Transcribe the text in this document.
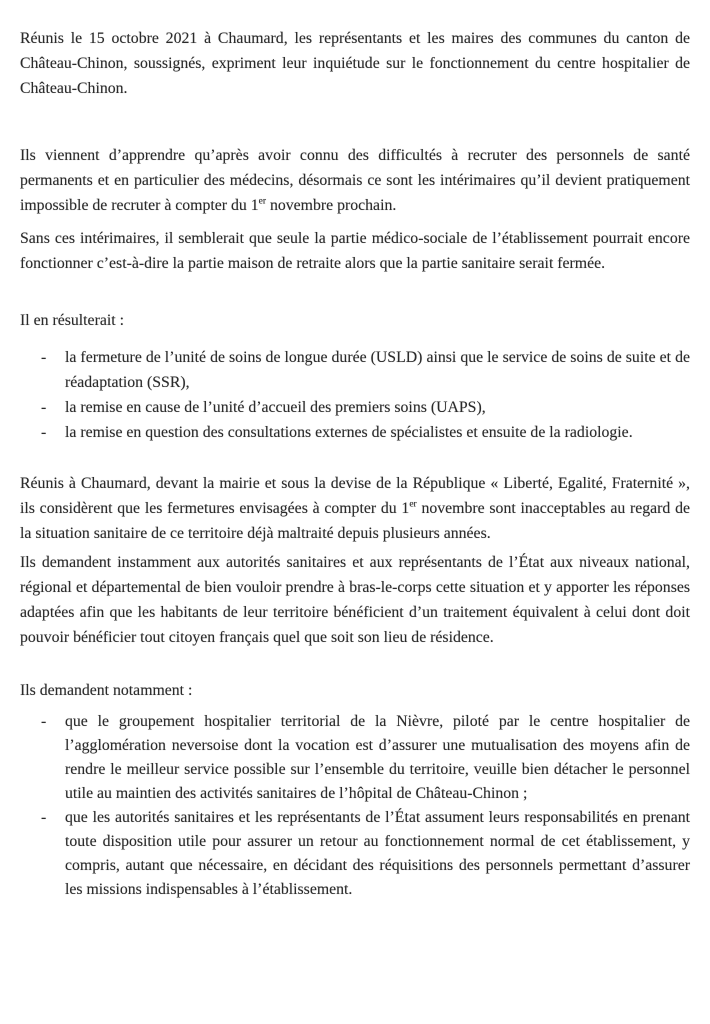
Réunis le 15 octobre 2021 à Chaumard, les représentants et les maires des communes du canton de Château-Chinon, soussignés, expriment leur inquiétude sur le fonctionnement du centre hospitalier de Château-Chinon.

Ils viennent d’apprendre qu’après avoir connu des difficultés à recruter des personnels de santé permanents et en particulier des médecins, désormais ce sont les intérimaires qu’il devient pratiquement impossible de recruter à compter du 1er novembre prochain.

Sans ces intérimaires, il semblerait que seule la partie médico-sociale de l’établissement pourrait encore fonctionner c’est-à-dire la partie maison de retraite alors que la partie sanitaire serait fermée.

Il en résulterait :

-	la fermeture de l’unité de soins de longue durée (USLD) ainsi que le service de soins de suite et de réadaptation (SSR),
-	la remise en cause de l’unité d’accueil des premiers soins (UAPS),
-	la remise en question des consultations externes de spécialistes et ensuite de la radiologie.

Réunis à Chaumard, devant la mairie et sous la devise de la République « Liberté, Egalité, Fraternité », ils considèrent que les fermetures envisagées à compter du 1er novembre sont inacceptables au regard de la situation sanitaire de ce territoire déjà maltraité depuis plusieurs années.

Ils demandent instamment aux autorités sanitaires et aux représentants de l’État aux niveaux national, régional et départemental de bien vouloir prendre à bras-le-corps cette situation et y apporter les réponses adaptées afin que les habitants de leur territoire bénéficient d’un traitement équivalent à celui dont doit pouvoir bénéficier tout citoyen français quel que soit son lieu de résidence.

Ils demandent notamment :

-	que le groupement hospitalier territorial de la Nièvre, piloté par le centre hospitalier de l’agglomération neversoise dont la vocation est d’assurer une mutualisation des moyens afin de rendre le meilleur service possible sur l’ensemble du territoire, veuille bien détacher le personnel utile au maintien des activités sanitaires de l’hôpital de Château-Chinon ;
-	que les autorités sanitaires et les représentants de l’État assument leurs responsabilités en prenant toute disposition utile pour assurer un retour au fonctionnement normal de cet établissement, y compris, autant que nécessaire, en décidant des réquisitions des personnels permettant d’assurer les missions indispensables à l’établissement.
